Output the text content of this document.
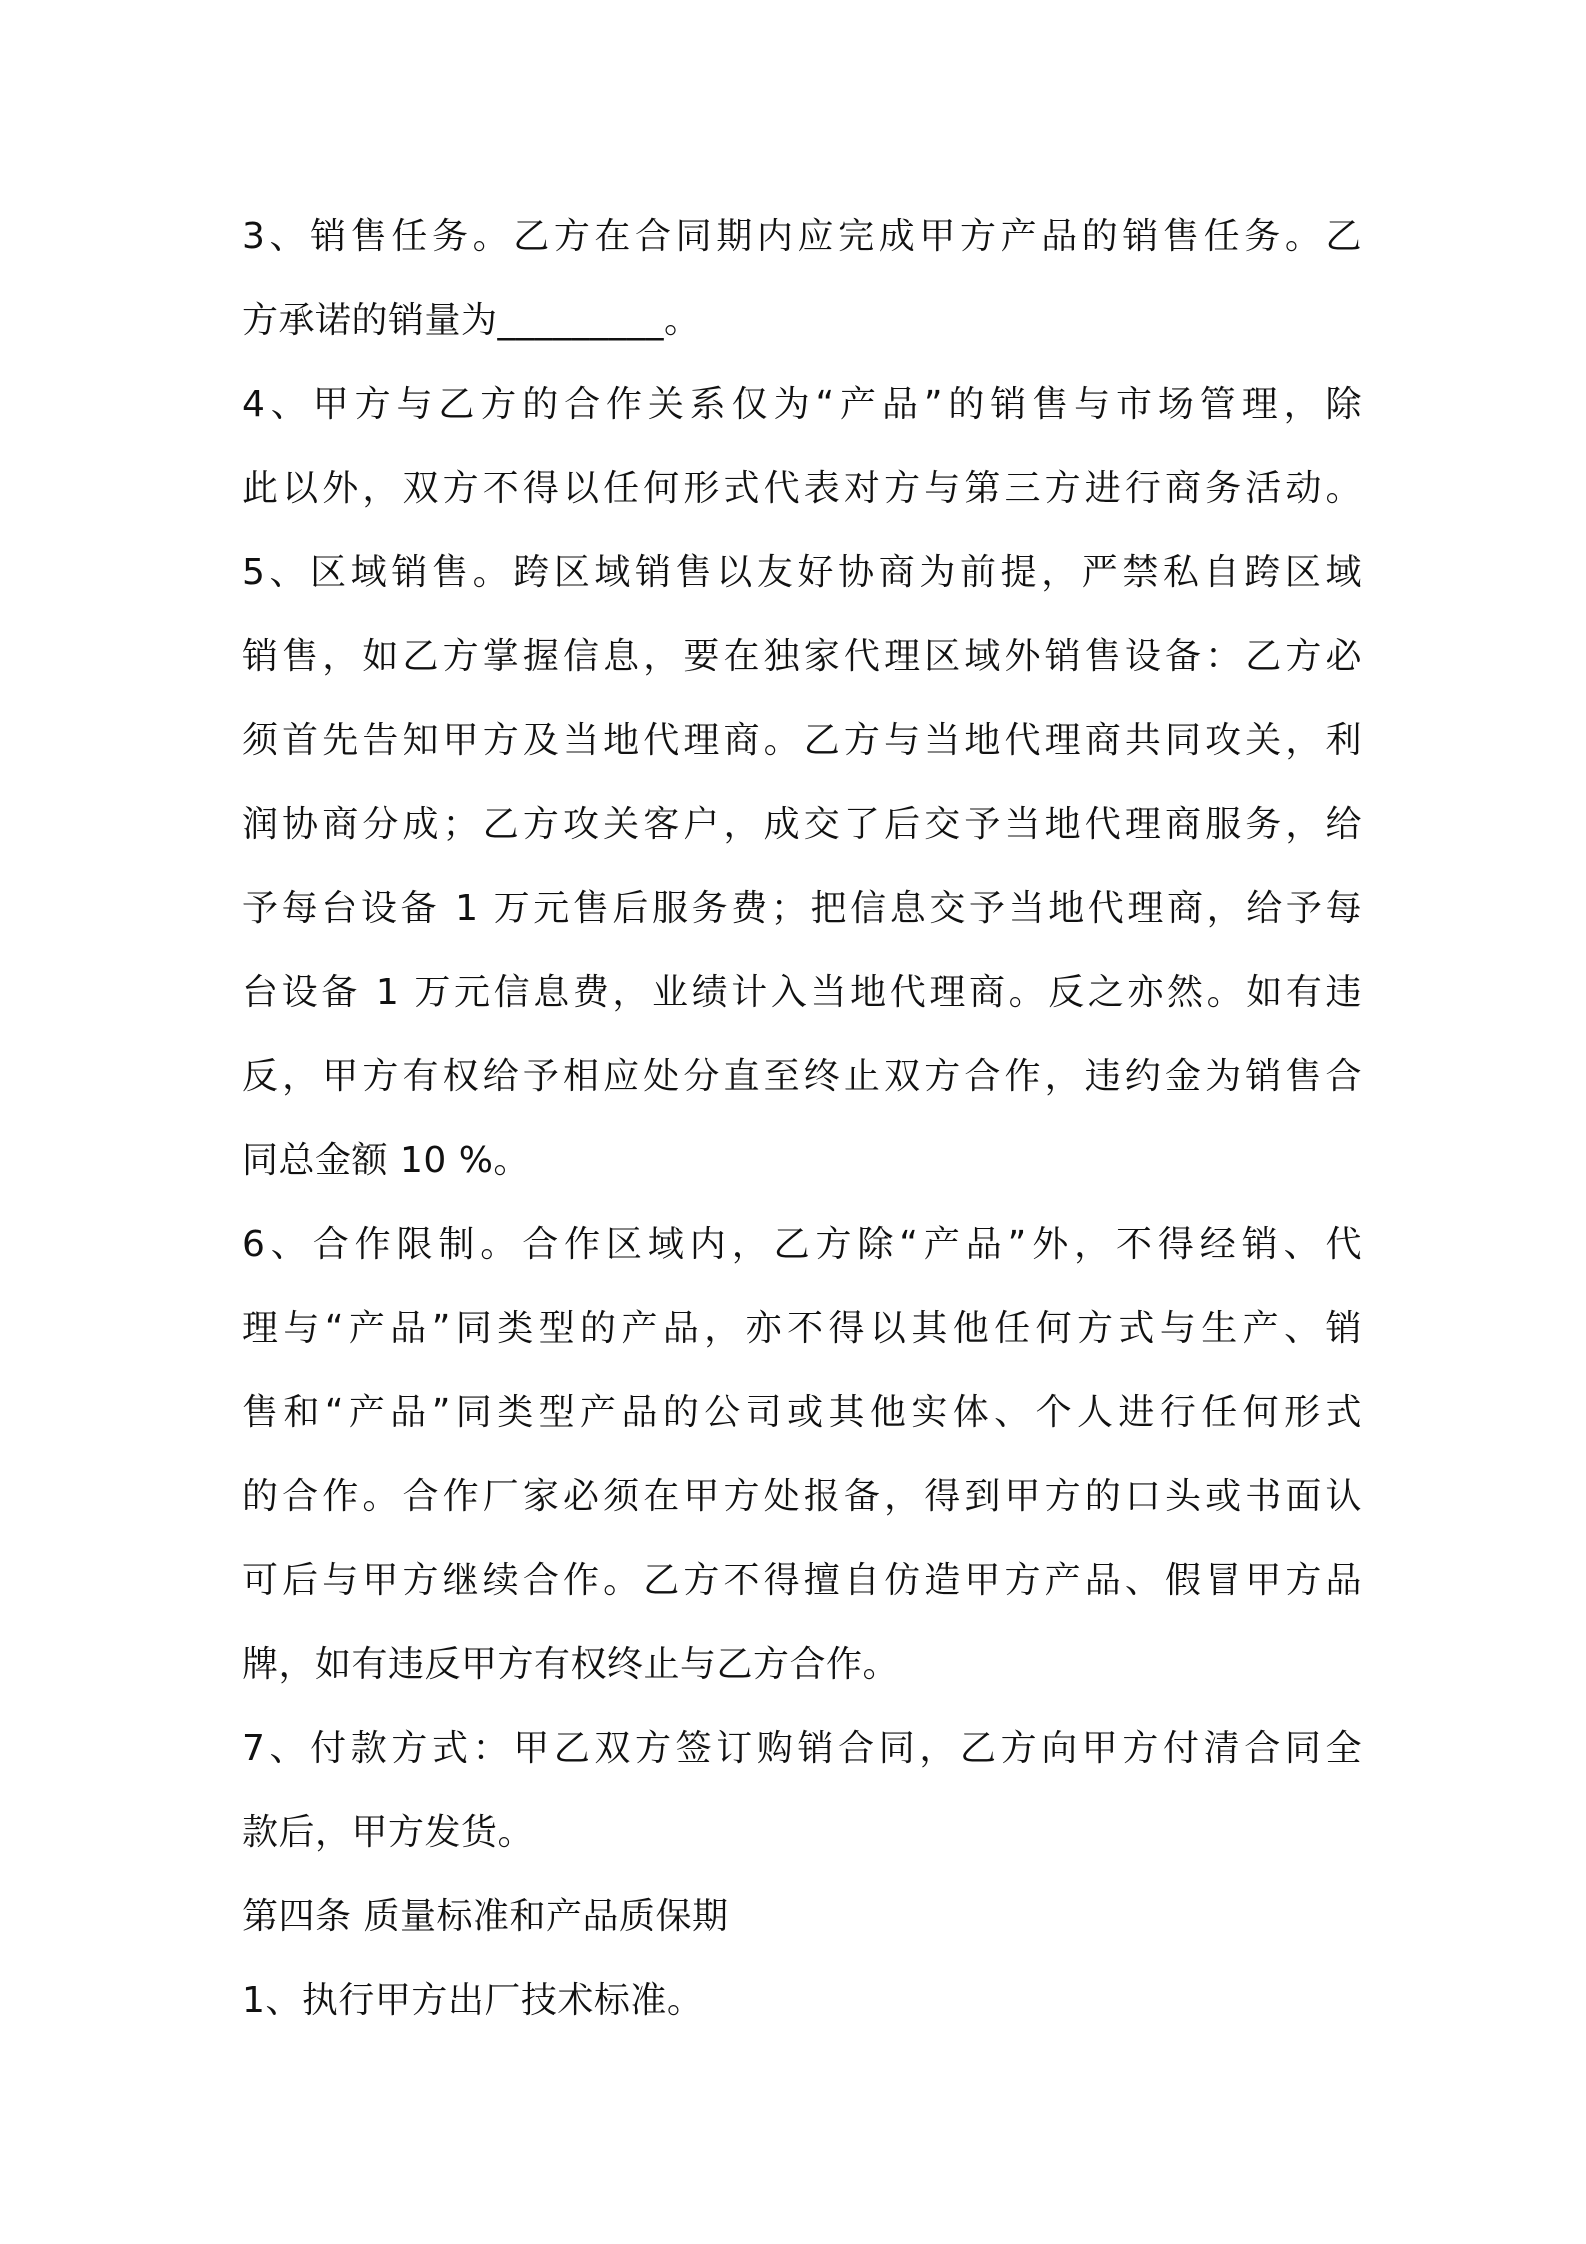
3、销售任务。乙方在合同期内应完成甲方产品的销售任务。乙
方承诺的销量为_________。
4、甲方与乙方的合作关系仅为“产品”的销售与市场管理，除
此以外，双方不得以任何形式代表对方与第三方进行商务活动。
5、区域销售。跨区域销售以友好协商为前提，严禁私自跨区域
销售，如乙方掌握信息，要在独家代理区域外销售设备：乙方必
须首先告知甲方及当地代理商。乙方与当地代理商共同攻关，利
润协商分成；乙方攻关客户，成交了后交予当地代理商服务，给
予每台设备 1 万元售后服务费；把信息交予当地代理商，给予每
台设备 1 万元信息费，业绩计入当地代理商。反之亦然。如有违
反，甲方有权给予相应处分直至终止双方合作，违约金为销售合
同总金额 10 %。
6、合作限制。合作区域内，乙方除“产品”外，不得经销、代
理与“产品”同类型的产品，亦不得以其他任何方式与生产、销
售和“产品”同类型产品的公司或其他实体、个人进行任何形式
的合作。合作厂家必须在甲方处报备，得到甲方的口头或书面认
可后与甲方继续合作。乙方不得擅自仿造甲方产品、假冒甲方品
牌，如有违反甲方有权终止与乙方合作。
7、付款方式：甲乙双方签订购销合同，乙方向甲方付清合同全
款后，甲方发货。
第四条 质量标准和产品质保期
1、执行甲方出厂技术标准。
